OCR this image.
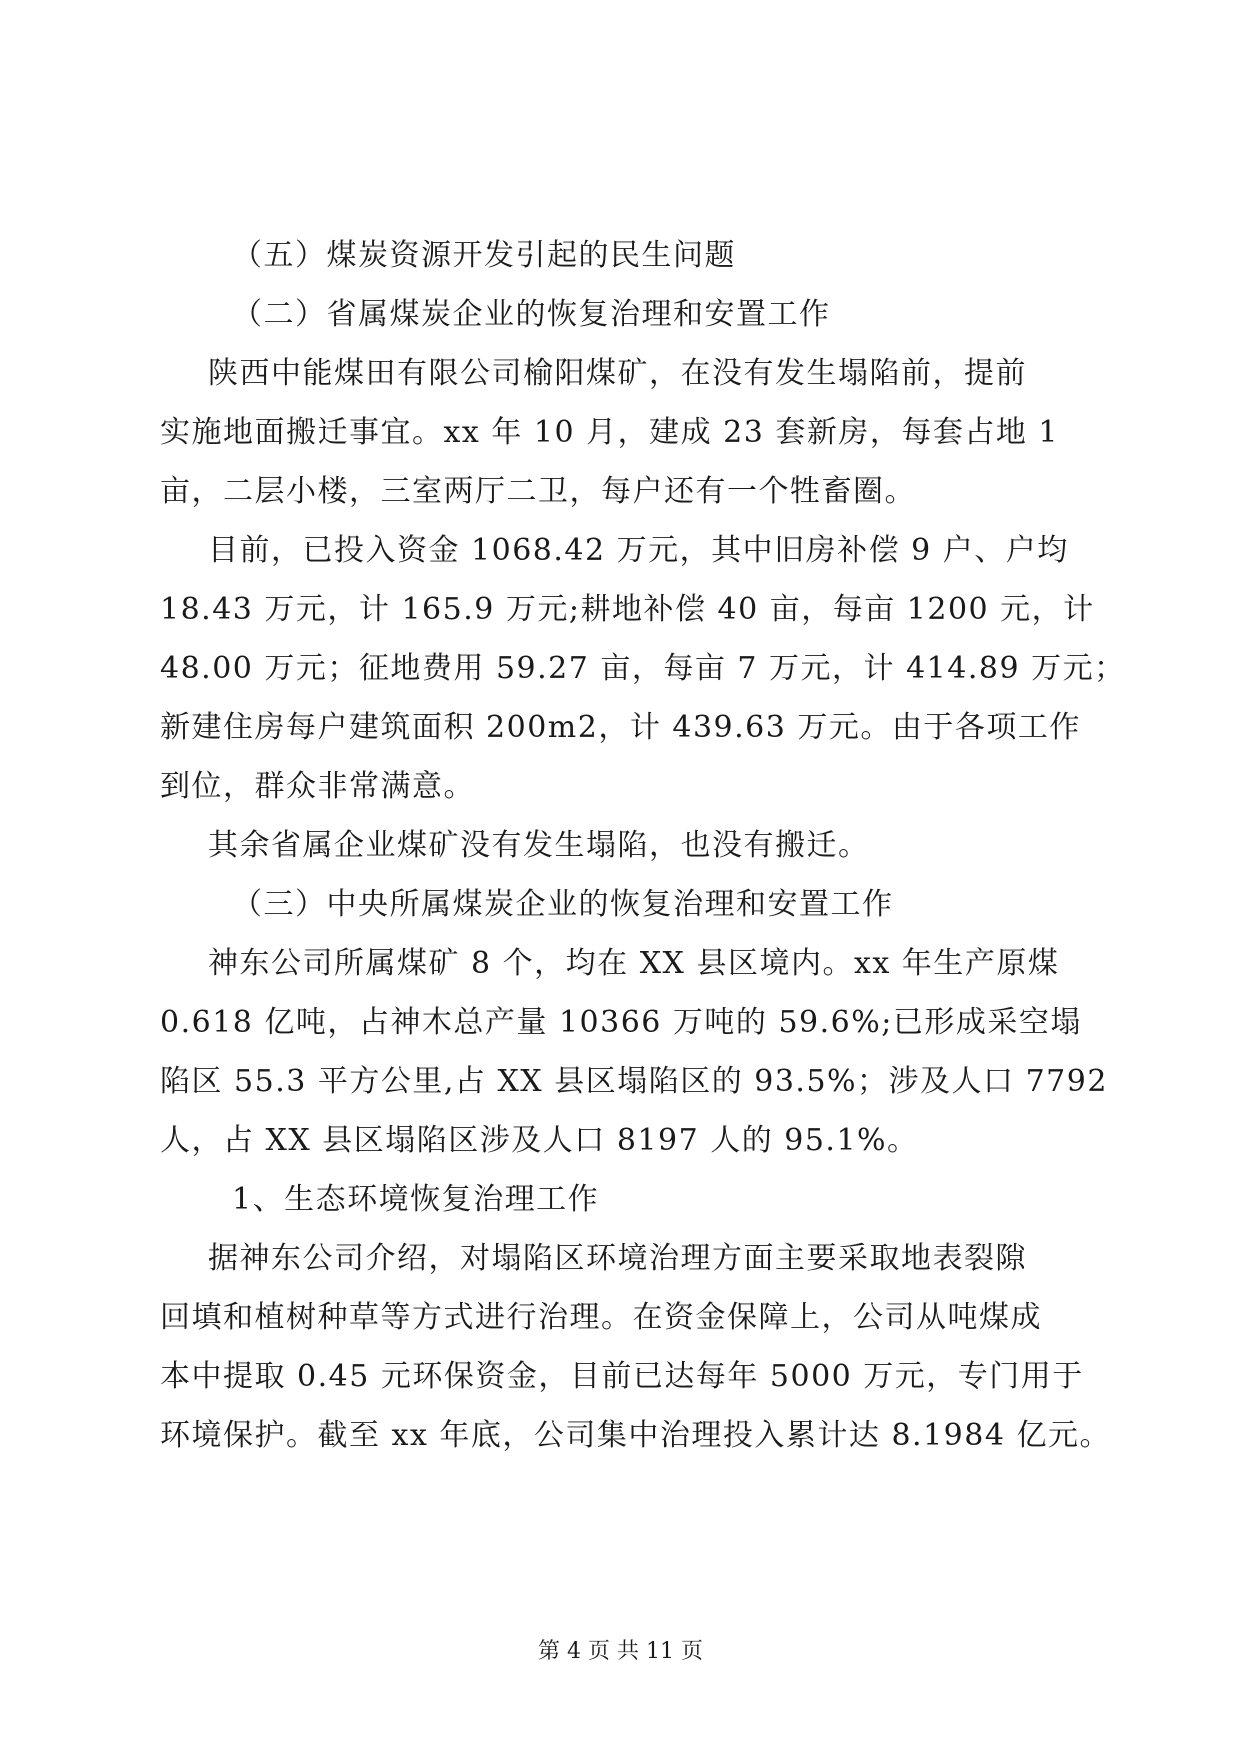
（五）煤炭资源开发引起的民生问题
（二）省属煤炭企业的恢复治理和安置工作
陕西中能煤田有限公司榆阳煤矿，在没有发生塌陷前，提前
实施地面搬迁事宜。xx 年 10 月，建成 23 套新房，每套占地 1
亩，二层小楼，三室两厅二卫，每户还有一个牲畜圈。
目前，已投入资金 1068.42 万元，其中旧房补偿 9 户、户均
18.43 万元，计 165.9 万元;耕地补偿 40 亩，每亩 1200 元，计
48.00 万元；征地费用 59.27 亩，每亩 7 万元，计 414.89 万元；
新建住房每户建筑面积 200m2，计 439.63 万元。由于各项工作
到位，群众非常满意。
其余省属企业煤矿没有发生塌陷，也没有搬迁。
（三）中央所属煤炭企业的恢复治理和安置工作
神东公司所属煤矿 8 个，均在 XX 县区境内。xx 年生产原煤
0.618 亿吨，占神木总产量 10366 万吨的 59.6%;已形成采空塌
陷区 55.3 平方公里,占 XX 县区塌陷区的 93.5%；涉及人口 7792
人，占 XX 县区塌陷区涉及人口 8197 人的 95.1%。
1、生态环境恢复治理工作
据神东公司介绍，对塌陷区环境治理方面主要采取地表裂隙
回填和植树种草等方式进行治理。在资金保障上，公司从吨煤成
本中提取 0.45 元环保资金，目前已达每年 5000 万元，专门用于
环境保护。截至 xx 年底，公司集中治理投入累计达 8.1984 亿元。
第 4 页 共 11 页
